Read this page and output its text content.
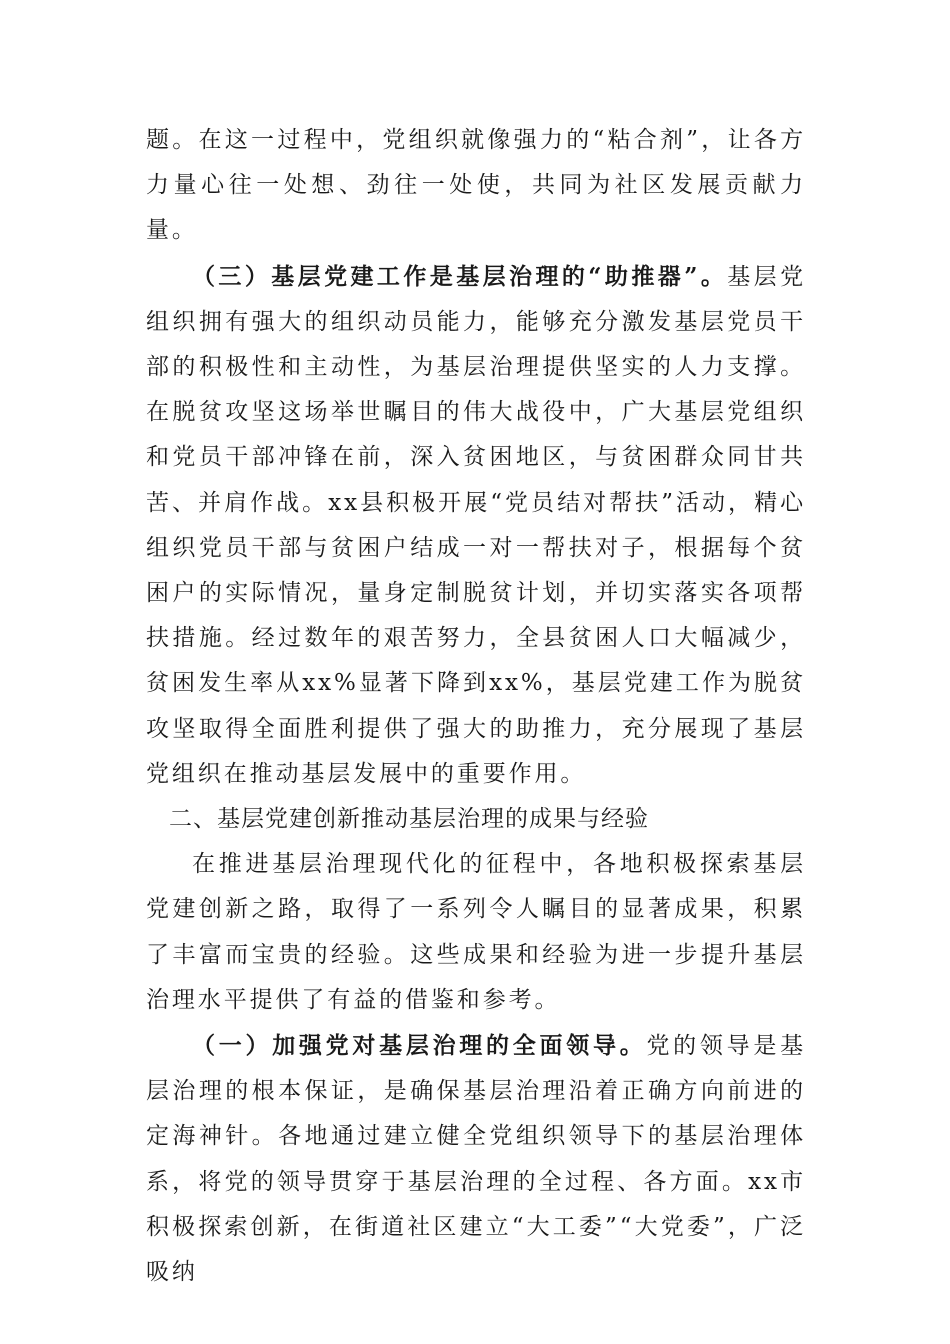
题。在这一过程中，党组织就像强力的“粘合剂”，让各方力量心往一处想、劲往一处使，共同为社区发展贡献力量。

（三）基层党建工作是基层治理的“助推器”。基层党组织拥有强大的组织动员能力，能够充分激发基层党员干部的积极性和主动性，为基层治理提供坚实的人力支撑。在脱贫攻坚这场举世瞩目的伟大战役中，广大基层党组织和党员干部冲锋在前，深入贫困地区，与贫困群众同甘共苦、并肩作战。xx县积极开展“党员结对帮扶”活动，精心组织党员干部与贫困户结成一对一帮扶对子，根据每个贫困户的实际情况，量身定制脱贫计划，并切实落实各项帮扶措施。经过数年的艰苦努力，全县贫困人口大幅减少，贫困发生率从xx%显著下降到xx%，基层党建工作为脱贫攻坚取得全面胜利提供了强大的助推力，充分展现了基层党组织在推动基层发展中的重要作用。

二、基层党建创新推动基层治理的成果与经验

在推进基层治理现代化的征程中，各地积极探索基层党建创新之路，取得了一系列令人瞩目的显著成果，积累了丰富而宝贵的经验。这些成果和经验为进一步提升基层治理水平提供了有益的借鉴和参考。

（一）加强党对基层治理的全面领导。党的领导是基层治理的根本保证，是确保基层治理沿着正确方向前进的定海神针。各地通过建立健全党组织领导下的基层治理体系，将党的领导贯穿于基层治理的全过程、各方面。xx市积极探索创新，在街道社区建立“大工委”“大党委”，广泛吸纳
